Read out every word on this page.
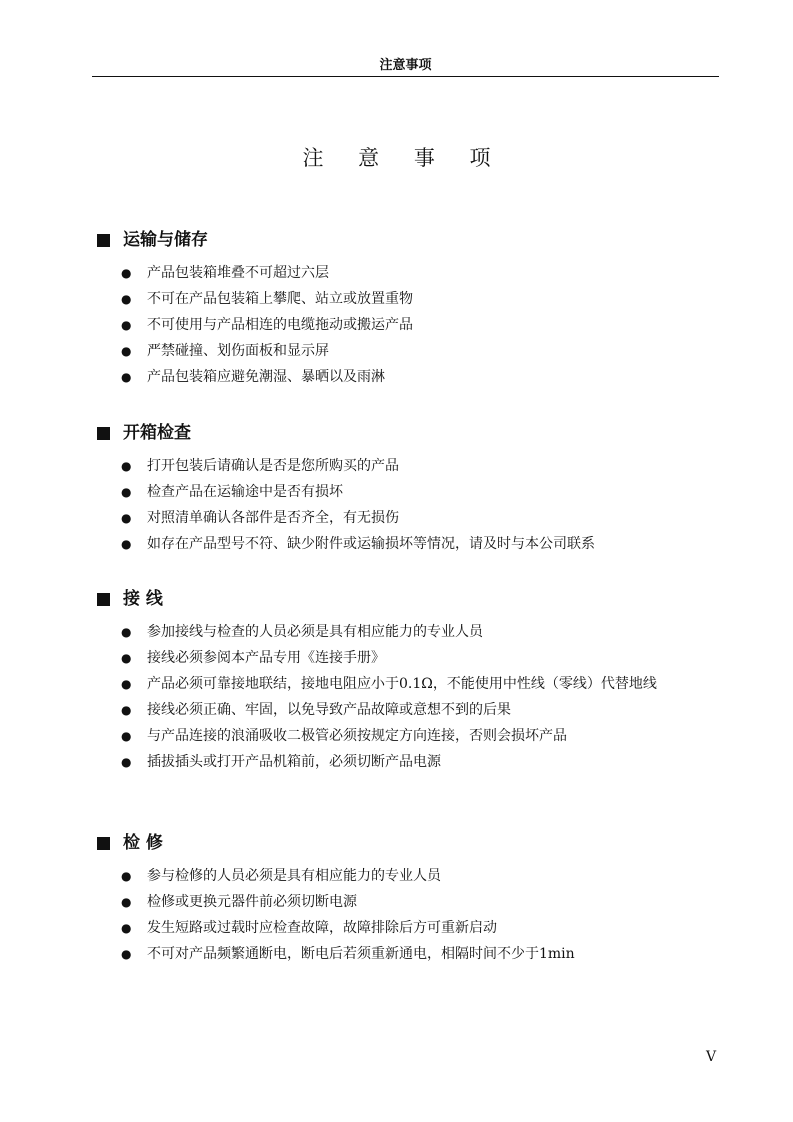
注意事项
注 意 事 项
运输与储存
●	产品包装箱堆叠不可超过六层
●	不可在产品包装箱上攀爬、站立或放置重物
●	不可使用与产品相连的电缆拖动或搬运产品
●	严禁碰撞、划伤面板和显示屏
●	产品包装箱应避免潮湿、暴晒以及雨淋
开箱检查
●	打开包装后请确认是否是您所购买的产品
●	检查产品在运输途中是否有损坏
●	对照清单确认各部件是否齐全，有无损伤
●	如存在产品型号不符、缺少附件或运输损坏等情况，请及时与本公司联系
接 线
●	参加接线与检查的人员必须是具有相应能力的专业人员
●	接线必须参阅本产品专用《连接手册》
●	产品必须可靠接地联结，接地电阻应小于0.1Ω，不能使用中性线（零线）代替地线
●	接线必须正确、牢固，以免导致产品故障或意想不到的后果
●	与产品连接的浪涌吸收二极管必须按规定方向连接，否则会损坏产品
●	插拔插头或打开产品机箱前，必须切断产品电源
检 修
●	参与检修的人员必须是具有相应能力的专业人员
●	检修或更换元器件前必须切断电源
●	发生短路或过载时应检查故障，故障排除后方可重新启动
●	不可对产品频繁通断电，断电后若须重新通电，相隔时间不少于1min
V
